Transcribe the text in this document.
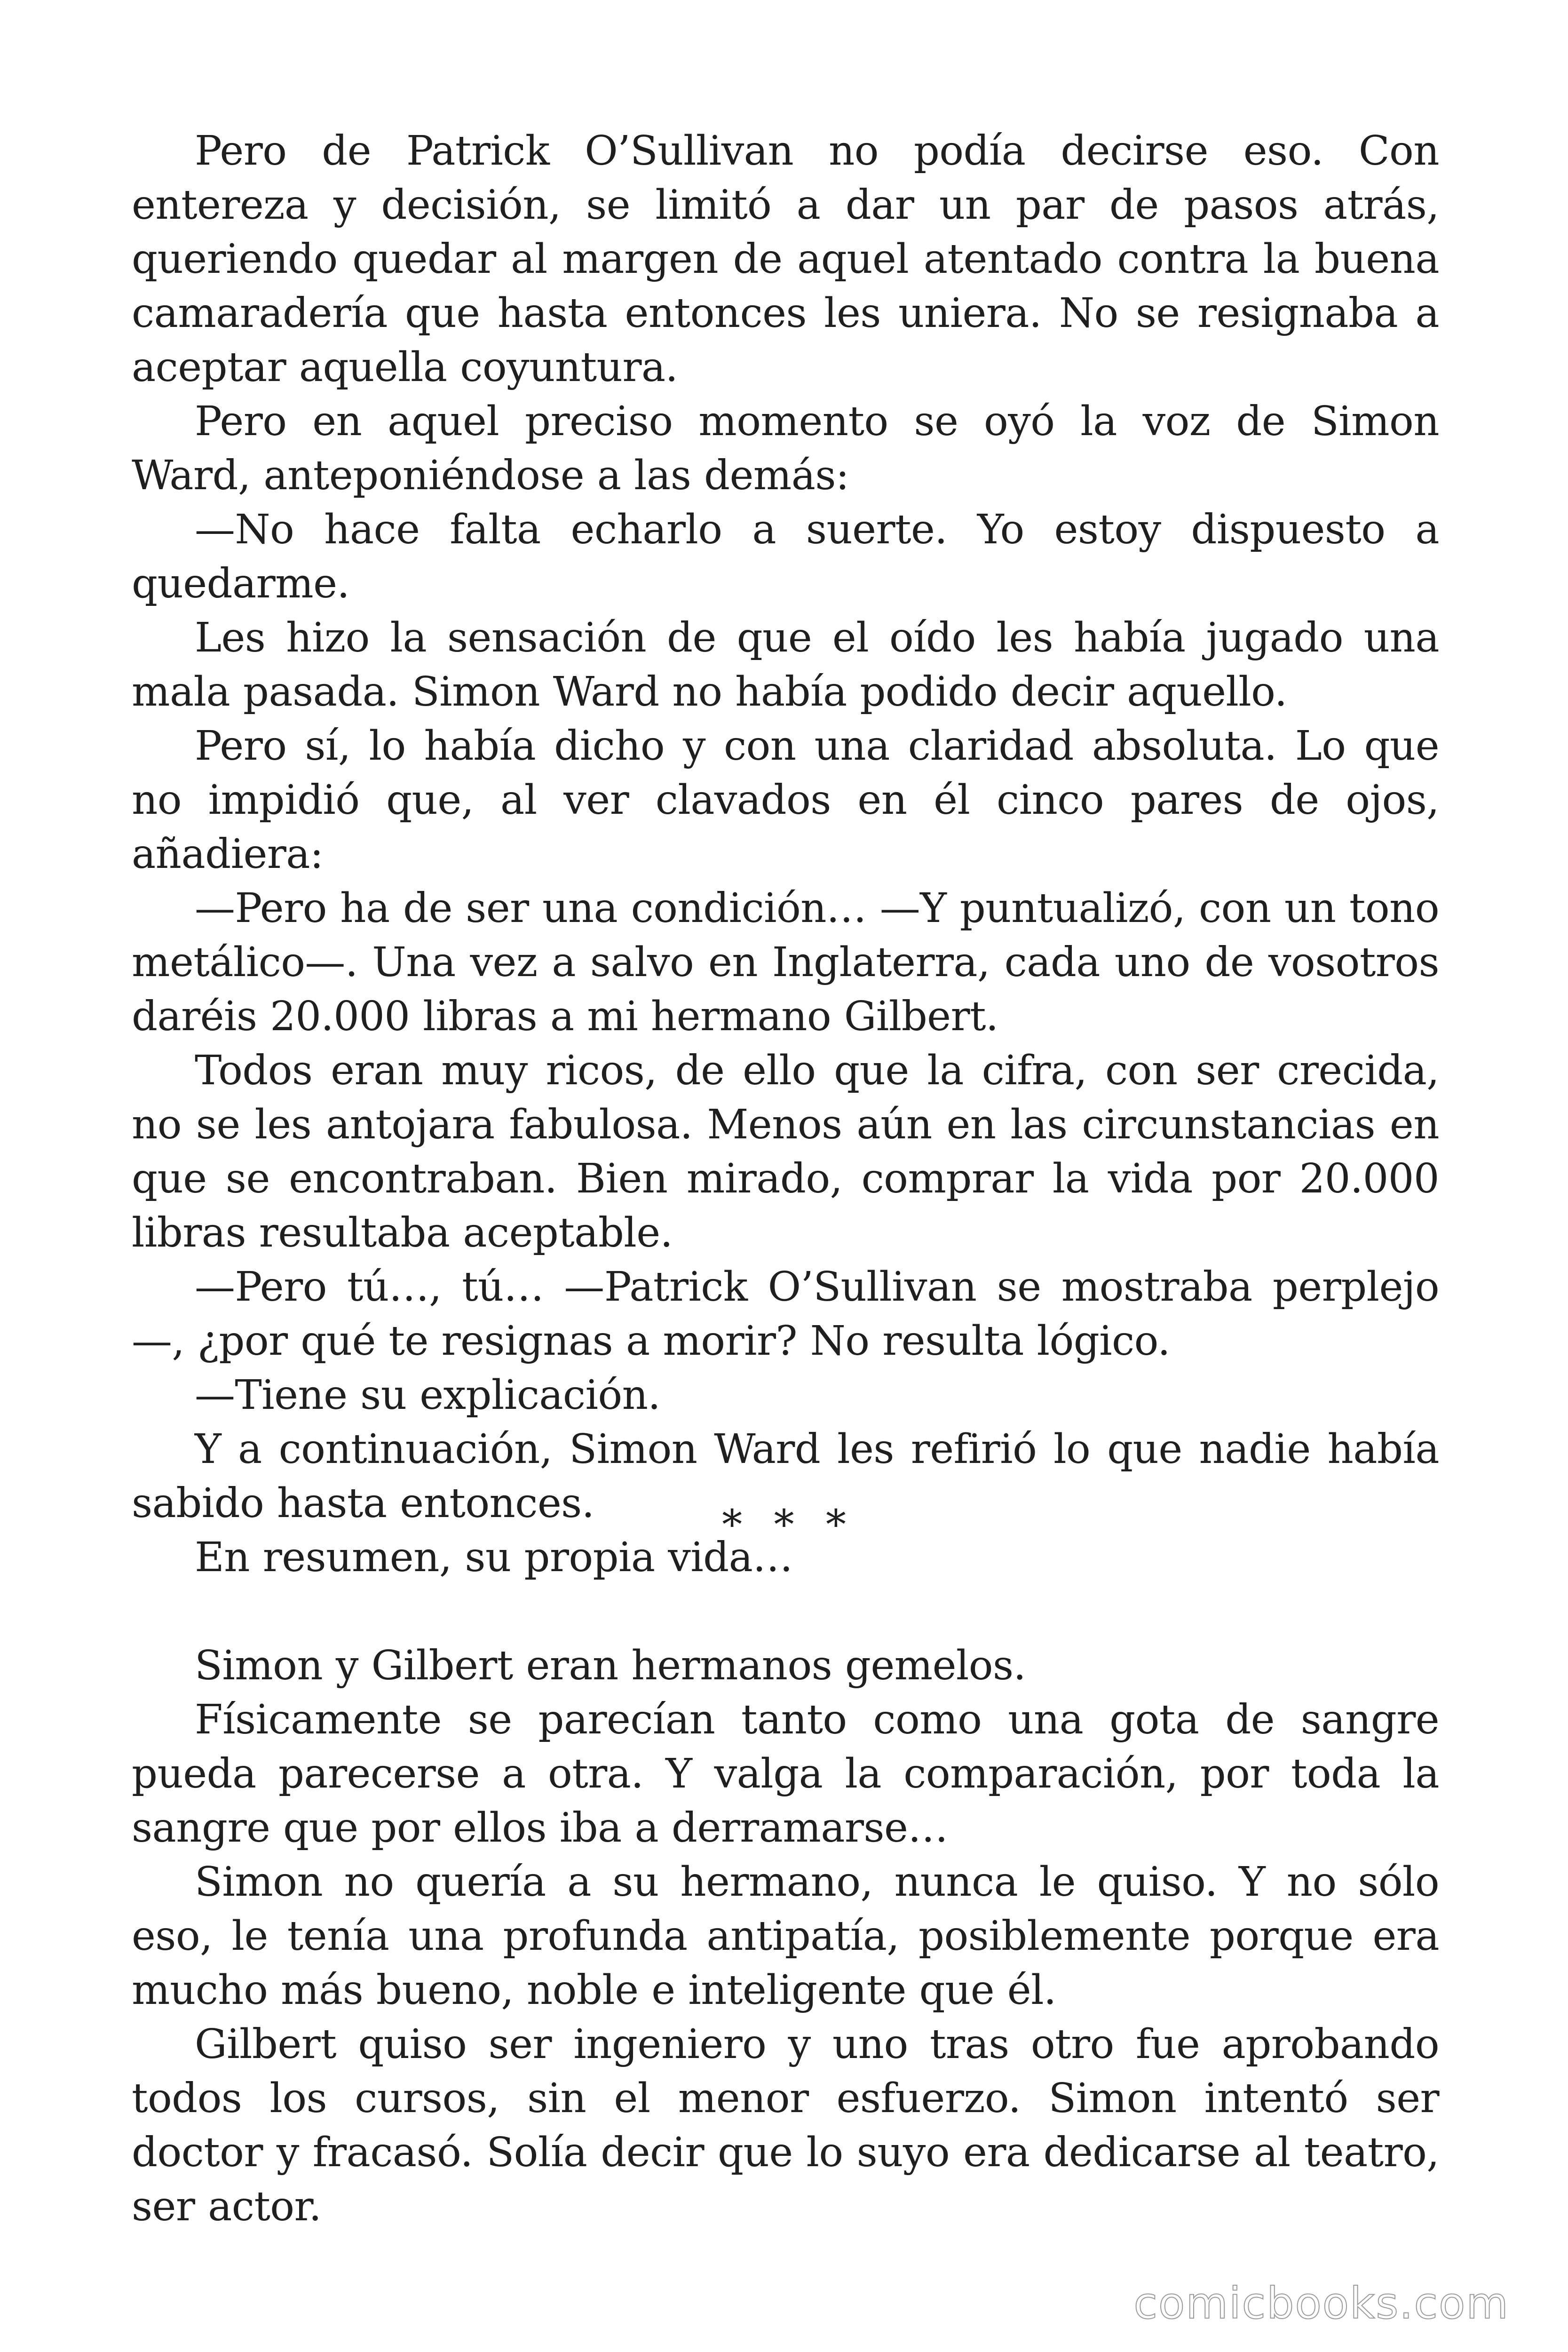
Pero de Patrick O’Sullivan no podía decirse eso. Con entereza y decisión, se limitó a dar un par de pasos atrás, queriendo quedar al margen de aquel atentado contra la buena camaradería que hasta entonces les uniera. No se resignaba a aceptar aquella coyuntura.

Pero en aquel preciso momento se oyó la voz de Simon Ward, anteponiéndose a las demás:

—No hace falta echarlo a suerte. Yo estoy dispuesto a quedarme.

Les hizo la sensación de que el oído les había jugado una mala pasada. Simon Ward no había podido decir aquello.

Pero sí, lo había dicho y con una claridad absoluta. Lo que no impidió que, al ver clavados en él cinco pares de ojos, añadiera:

—Pero ha de ser una condición… —Y puntualizó, con un tono metálico—. Una vez a salvo en Inglaterra, cada uno de vosotros daréis 20.000 libras a mi hermano Gilbert.

Todos eran muy ricos, de ello que la cifra, con ser crecida, no se les antojara fabulosa. Menos aún en las circunstancias en que se encontraban. Bien mirado, comprar la vida por 20.000 libras resultaba aceptable.

—Pero tú…, tú… —Patrick O’Sullivan se mostraba perplejo—, ¿por qué te resignas a morir? No resulta lógico.

—Tiene su explicación.

Y a continuación, Simon Ward les refirió lo que nadie había sabido hasta entonces.

En resumen, su propia vida…

* * *

Simon y Gilbert eran hermanos gemelos.

Físicamente se parecían tanto como una gota de sangre pueda parecerse a otra. Y valga la comparación, por toda la sangre que por ellos iba a derramarse…

Simon no quería a su hermano, nunca le quiso. Y no sólo eso, le tenía una profunda antipatía, posiblemente porque era mucho más bueno, noble e inteligente que él.

Gilbert quiso ser ingeniero y uno tras otro fue aprobando todos los cursos, sin el menor esfuerzo. Simon intentó ser doctor y fracasó. Solía decir que lo suyo era dedicarse al teatro, ser actor.

comicbooks.com
